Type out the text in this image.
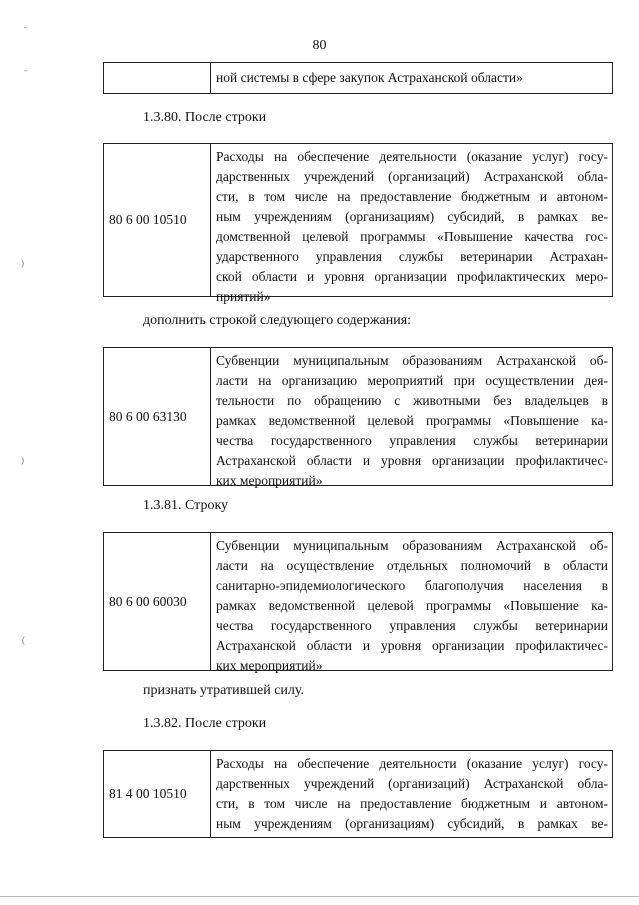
80
ной системы в сфере закупок Астраханской области»
1.3.80. После строки
80 6 00 10510
Расходы на обеспечение деятельности (оказание услуг) госу-
дарственных учреждений (организаций) Астраханской обла-
сти, в том числе на предоставление бюджетным и автоном-
ным учреждениям (организациям) субсидий, в рамках ве-
домственной целевой программы «Повышение качества гос-
ударственного управления службы ветеринарии Астрахан-
ской области и уровня организации профилактических меро-
приятий»
дополнить строкой следующего содержания:
80 6 00 63130
Субвенции муниципальным образованиям Астраханской об-
ласти на организацию мероприятий при осуществлении дея-
тельности по обращению с животными без владельцев в
рамках ведомственной целевой программы «Повышение ка-
чества государственного управления службы ветеринарии
Астраханской области и уровня организации профилактичес-
ких мероприятий»
1.3.81. Строку
80 6 00 60030
Субвенции муниципальным образованиям Астраханской об-
ласти на осуществление отдельных полномочий в области
санитарно-эпидемиологического благополучия населения в
рамках ведомственной целевой программы «Повышение ка-
чества государственного управления службы ветеринарии
Астраханской области и уровня организации профилактичес-
ких мероприятий»
признать утратившей силу.
1.3.82. После строки
81 4 00 10510
Расходы на обеспечение деятельности (оказание услуг) госу-
дарственных учреждений (организаций) Астраханской обла-
сти, в том числе на предоставление бюджетным и автоном-
ным учреждениям (организациям) субсидий, в рамках ве-
-
-
)
)
(
